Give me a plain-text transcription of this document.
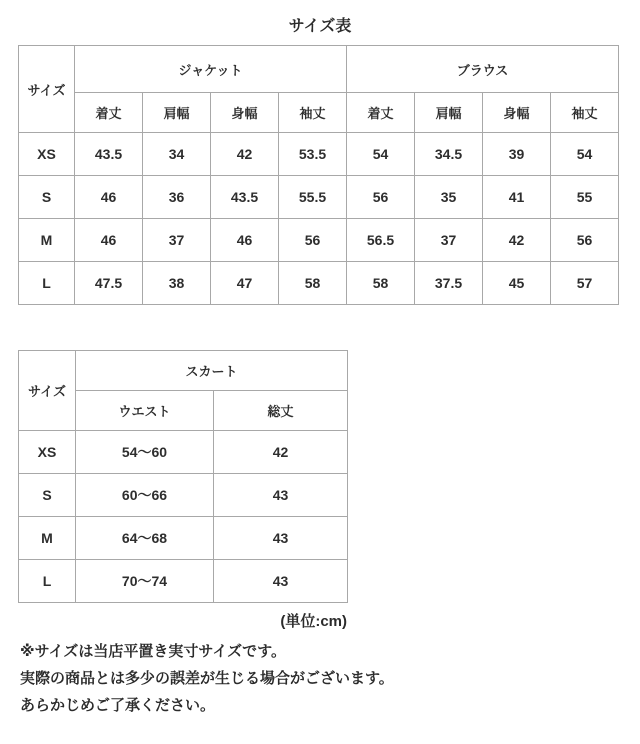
サイズ表
サイズ	ジャケット				ブラウス			
	着丈	肩幅	身幅	袖丈	着丈	肩幅	身幅	袖丈
XS	43.5	34	42	53.5	54	34.5	39	54
S	46	36	43.5	55.5	56	35	41	55
M	46	37	46	56	56.5	37	42	56
L	47.5	38	47	58	58	37.5	45	57
サイズ	スカート	
	ウエスト	総丈
XS	54〜60	42
S	60〜66	43
M	64〜68	43
L	70〜74	43
(単位:cm)

※サイズは当店平置き実寸サイズです。

実際の商品とは多少の誤差が生じる場合がございます。

あらかじめご了承ください。
